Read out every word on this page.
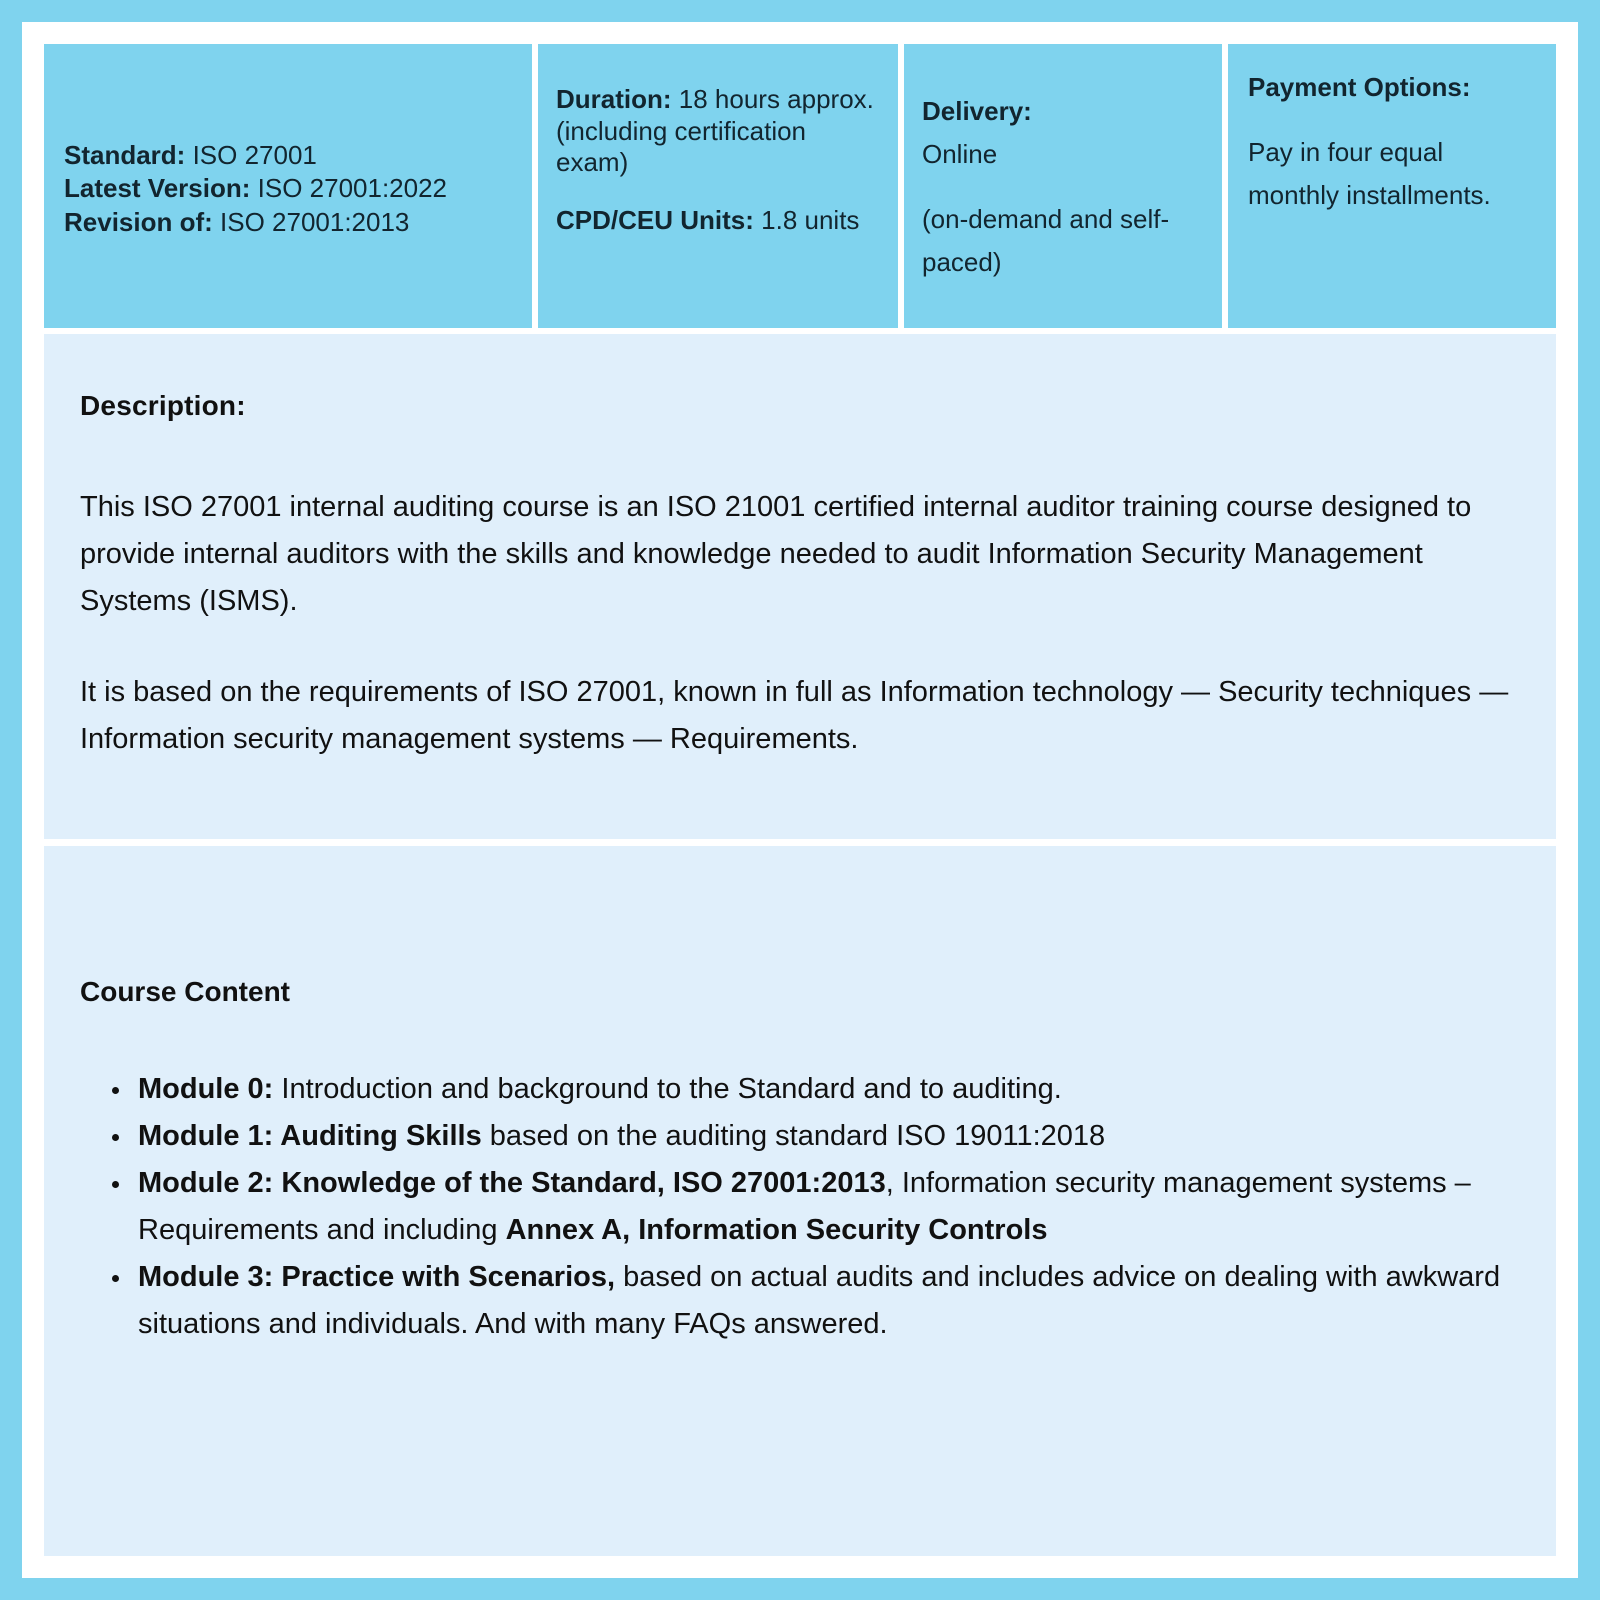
Standard: ISO 27001
Latest Version: ISO 27001:2022
Revision of: ISO 27001:2013
Duration: 18 hours approx. (including certification exam)
CPD/CEU Units: 1.8 units
Delivery:
Online
(on-demand and self-paced)
Payment Options:
Pay in four equal monthly installments.
Description:

This ISO 27001 internal auditing course is an ISO 21001 certified internal auditor training course designed to provide internal auditors with the skills and knowledge needed to audit Information Security Management Systems (ISMS).

It is based on the requirements of ISO 27001, known in full as Information technology — Security techniques — Information security management systems — Requirements.

Course Content
Module 0: Introduction and background to the Standard and to auditing.
Module 1: Auditing Skills based on the auditing standard ISO 19011:2018
Module 2: Knowledge of the Standard, ISO 27001:2013, Information security management systems – Requirements and including Annex A, Information Security Controls
Module 3: Practice with Scenarios, based on actual audits and includes advice on dealing with awkward situations and individuals. And with many FAQs answered.
